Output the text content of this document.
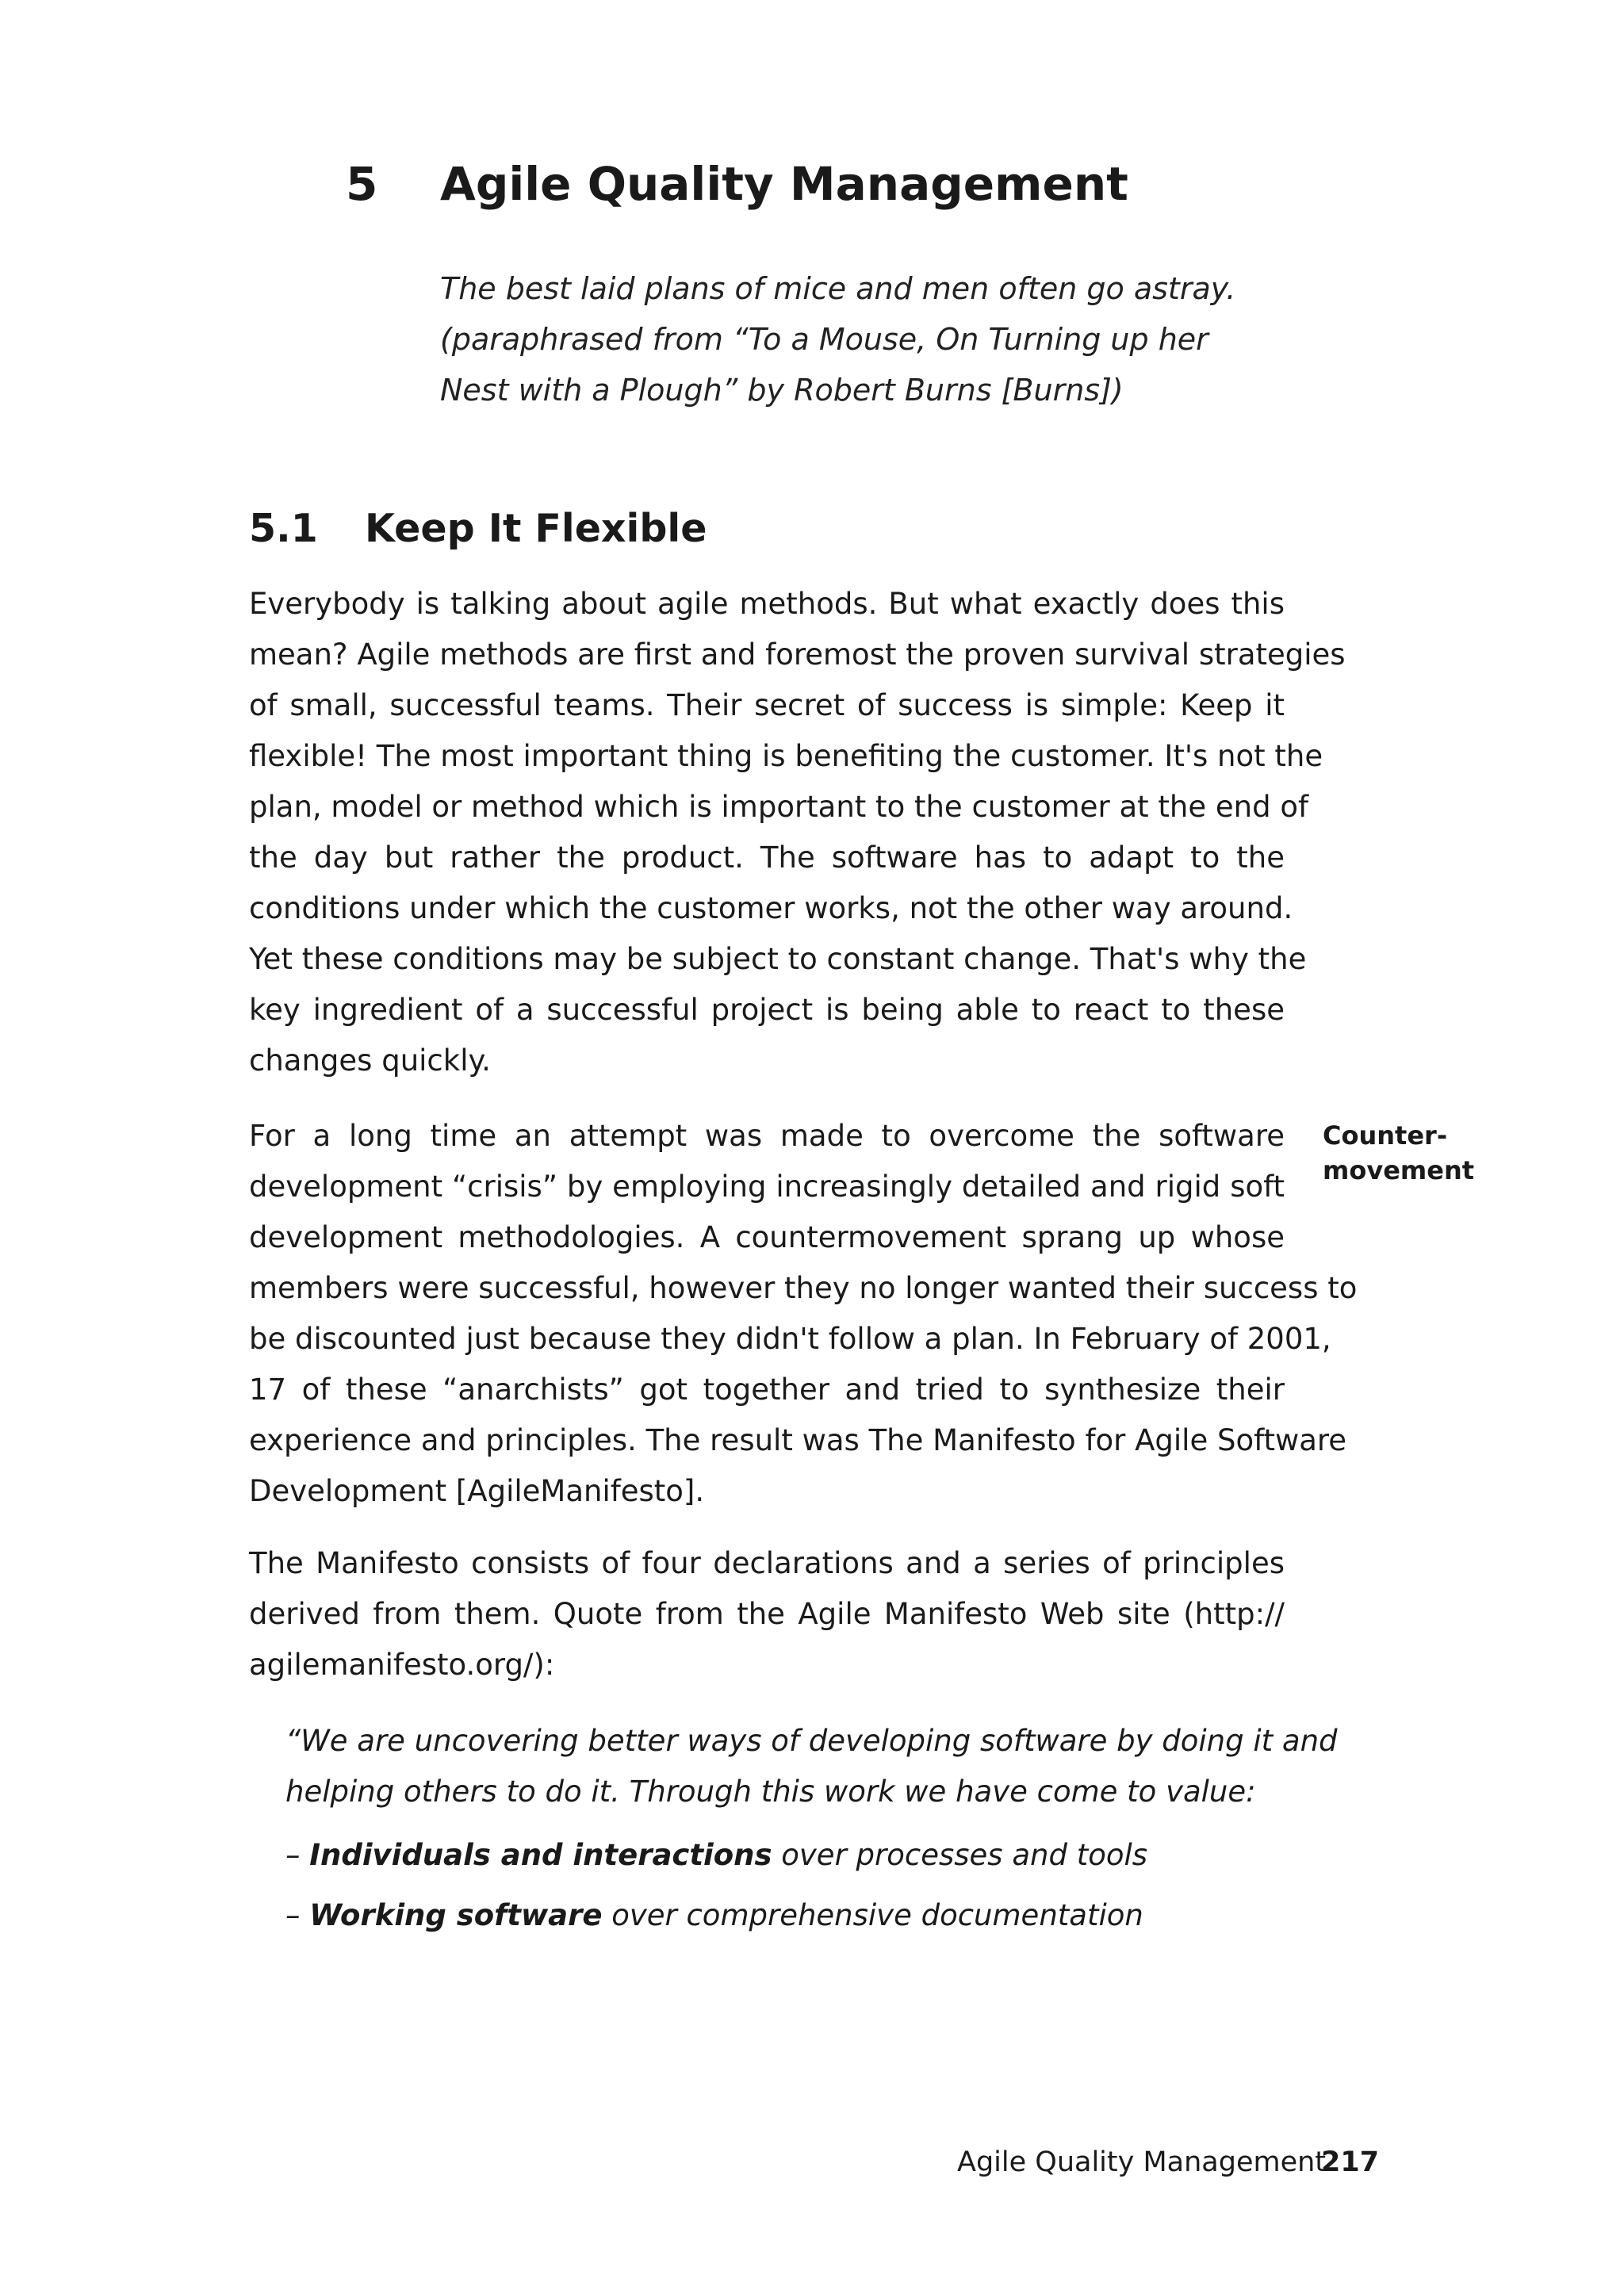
5 Agile Quality Management
The best laid plans of mice and men often go astray.
(paraphrased from “To a Mouse, On Turning up her
Nest with a Plough” by Robert Burns [Burns])
5.1 Keep It Flexible
Everybody is talking about agile methods. But what exactly does this
mean? Agile methods are first and foremost the proven survival strategies
of small, successful teams. Their secret of success is simple: Keep it
flexible! The most important thing is benefiting the customer. It's not the
plan, model or method which is important to the customer at the end of
the day but rather the product. The software has to adapt to the
conditions under which the customer works, not the other way around.
Yet these conditions may be subject to constant change. That's why the
key ingredient of a successful project is being able to react to these
changes quickly.
Counter-
movement
For a long time an attempt was made to overcome the software
development “crisis” by employing increasingly detailed and rigid soft
development methodologies. A countermovement sprang up whose
members were successful, however they no longer wanted their success to
be discounted just because they didn't follow a plan. In February of 2001,
17 of these “anarchists” got together and tried to synthesize their
experience and principles. The result was The Manifesto for Agile Software
Development [AgileManifesto].
The Manifesto consists of four declarations and a series of principles
derived from them. Quote from the Agile Manifesto Web site (http://
agilemanifesto.org/):
“We are uncovering better ways of developing software by doing it and
helping others to do it. Through this work we have come to value:
– Individuals and interactions over processes and tools
– Working software over comprehensive documentation
Agile Quality Management
217
